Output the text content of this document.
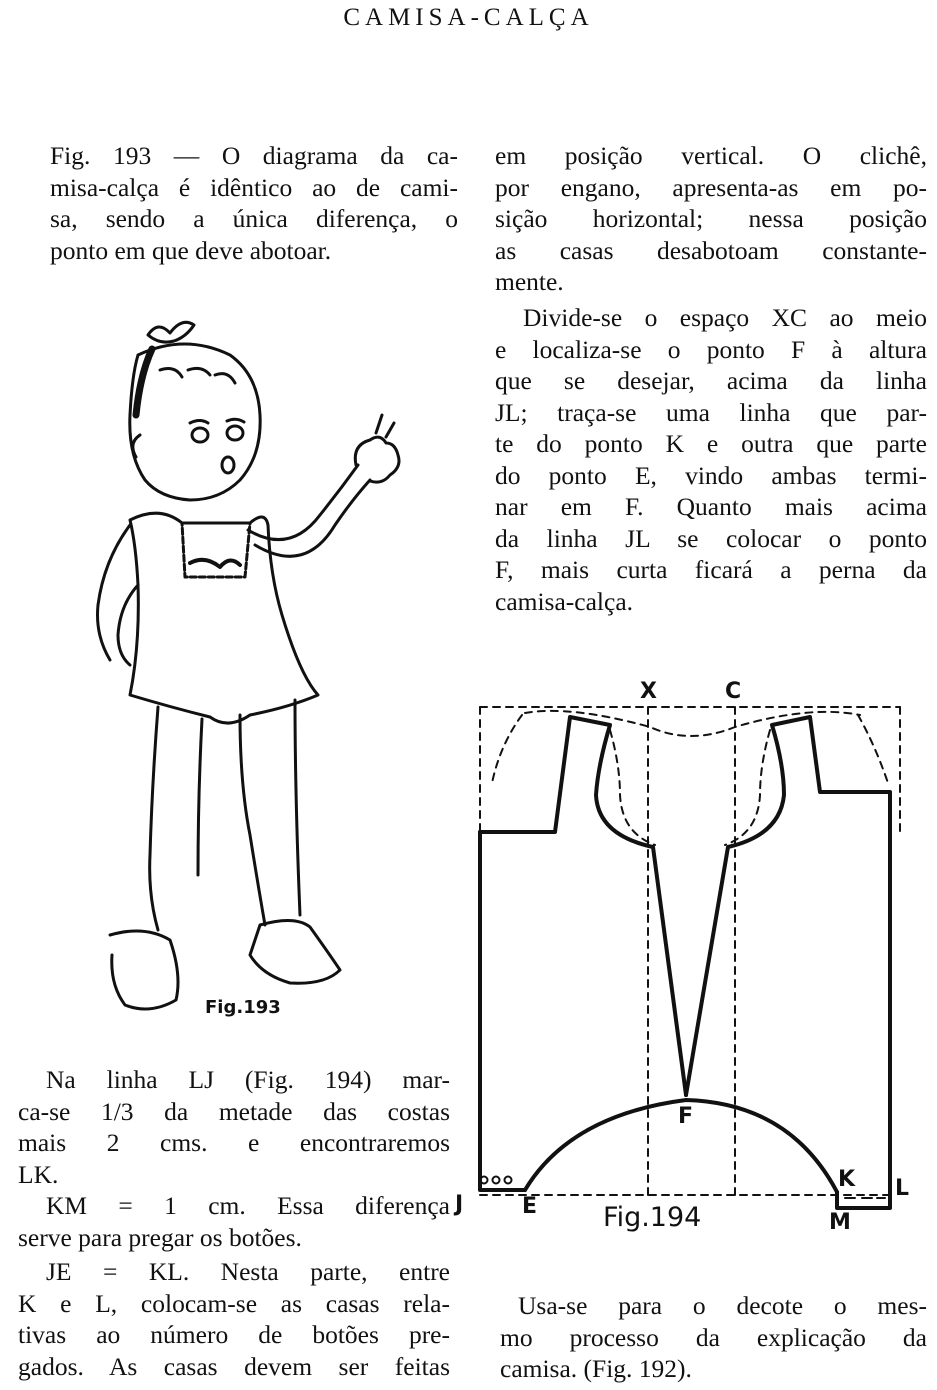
CAMISA-CALÇA
Fig. 193 — O diagrama da ca-
misa-calça é idêntico ao de cami-
sa, sendo a única diferença, o
ponto em que deve abotoar.
Fig.193
Na linha LJ (Fig. 194) mar-
ca-se 1/3 da metade das costas
mais 2 cms. e encontraremos
LK.
KM = 1 cm. Essa diferença
serve para pregar os botões.
JE = KL. Nesta parte, entre
K e L, colocam-se as casas rela-
tivas ao número de botões pre-
gados. As casas devem ser feitas
em posição vertical. O clichê,
por engano, apresenta-as em po-
sição horizontal; nessa posição
as casas desabotoam constante-
mente.
Divide-se o espaço XC ao meio
e localiza-se o ponto F à altura
que se desejar, acima da linha
JL; traça-se uma linha que par-
te do ponto K e outra que parte
do ponto E, vindo ambas termi-
nar em F. Quanto mais acima
da linha JL se colocar o ponto
F, mais curta ficará a perna da
camisa-calça.
X	C
F
J	E
K L
M
Fig.194
Usa-se para o decote o mes-
mo processo da explicação da
camisa. (Fig. 192).
